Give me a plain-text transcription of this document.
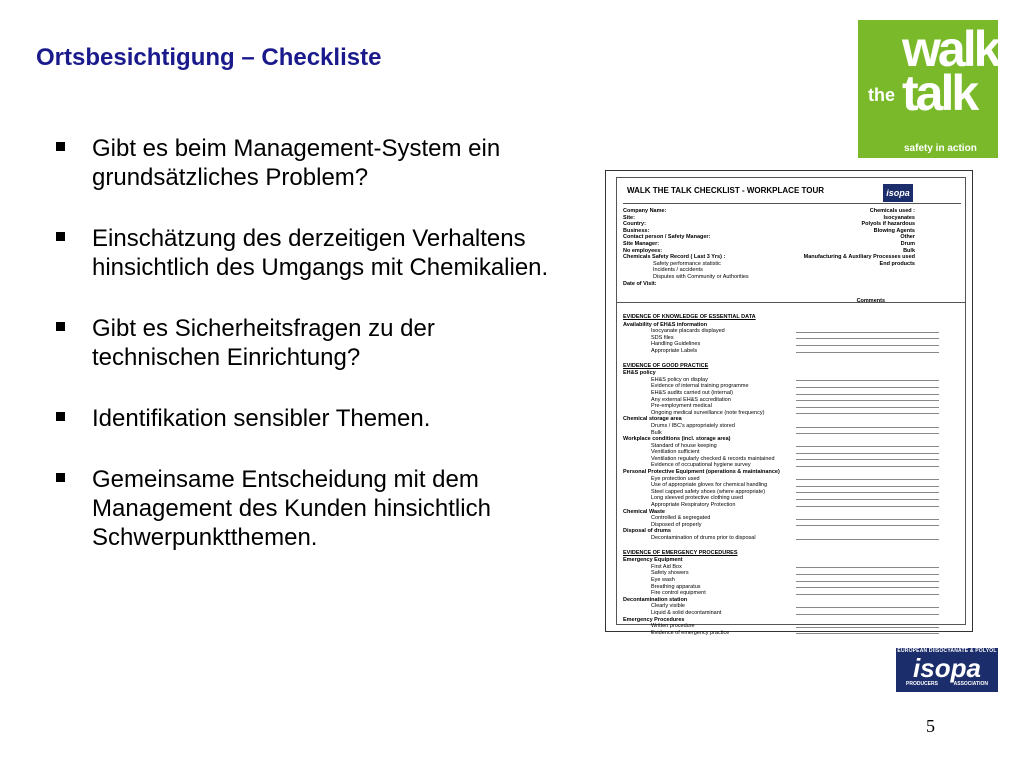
Ortsbesichtigung – Checkliste
Gibt es beim Management-System ein grundsätzliches Problem?
Einschätzung des derzeitigen Verhaltens hinsichtlich des Umgangs mit Chemikalien.
Gibt es Sicherheitsfragen zu der technischen Einrichtung?
Identifikation sensibler Themen.
Gemeinsame Entscheidung mit dem Management des Kunden hinsichtlich Schwerpunktthemen.
walk
talk
the
safety in action
WALK THE TALK CHECKLIST - WORKPLACE TOUR	isopa
Company Name:
Site:
Country:
Business:
Contact person / Safety Manager:
Site Manager:
No employees:
Chemicals Safety Record ( Last 3 Yrs) :
Safety performance statistic
Incidents / accidents
Disputes with Community or Authorities
Date of Visit:
Chemicals used :
Isocyanates
Polyols if hazardous
Blowing Agents
Other
Drum
Bulk
Manufacturing & Auxiliary Processes used
End products
Comments
EVIDENCE OF KNOWLEDGE OF ESSENTIAL DATA
Availability of EH&S information
Isocyanate placards displayed
SDS files
Handling Guidelines
Appropriate Labels
EVIDENCE OF GOOD PRACTICE
EH&S policy
EH&S policy on display
Evidence of internal training programme
EH&S audits carried out (internal)
Any external EH&S accreditation
Pre-employment medical
Ongoing medical surveillance (note frequency)
Chemical storage area
Drums / IBC's appropriately stored
Bulk
Workplace conditions (incl. storage area)
Standard of house keeping
Ventilation sufficient
Ventilation regularly checked & records maintained
Evidence of occupational hygiene survey
Personal Protective Equipment (operations & maintainance)
Eye protection used
Use of appropriate gloves for chemical handling
Steel capped safety shoes (where appropriate)
Long sleeved protective clothing used
Appropriate Respiratory Protection
Chemical Waste
Controlled & segregated
Disposed of properly
Disposal of drums
Decontamination of drums prior to disposal
EVIDENCE OF EMERGENCY PROCEDURES
Emergency Equipment
First Aid Box
Safety showers
Eye wash
Breathing apparatus
Fire control equipment
Decontamination station
Clearly visible
Liquid & solid decontaminant
Emergency Procedures
Written procedure
Evidence of emergency practice
EUROPEAN DIISOCYANATE & POLYOL
isopa
PRODUCERS	ASSOCIATION
5
